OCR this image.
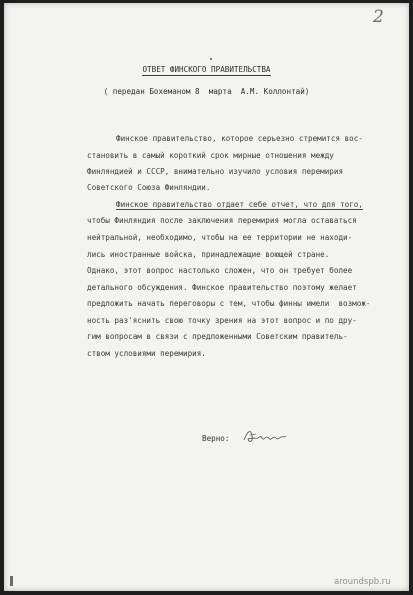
2
ОТВЕТ ФИНСКОГО ПРАВИТЕЛЬСТВА
( передан Бохеманом 8  марта  А.М. Коллонтай)
Финское правительство, которое серьезно стремится вос-
становить в самый короткий срок мирные отношения между
Финляндией и СССР, внимательно изучило условия перемирия
Советского Союза Финляндии.
Финское правительство отдает себе отчет, что для того,
чтобы Финляндия после заключения перемирия могла оставаться
нейтральной, необходимо, чтобы на ее территории не находи-
лись иностранные войска, принадлежащие воющей стране.
Однако, этот вопрос настолько сложен, что он требует более
детального обсуждения. Финское правительство поэтому желает
предложить начать переговоры с тем, чтобы финны имели  возмож-
ность раз'яснить свою точку зрения на этот вопрос и по дру-
гим вопросам в связи с предложенными Советским правитель-
ством условиями перемирия.
Верно:
aroundspb.ru
